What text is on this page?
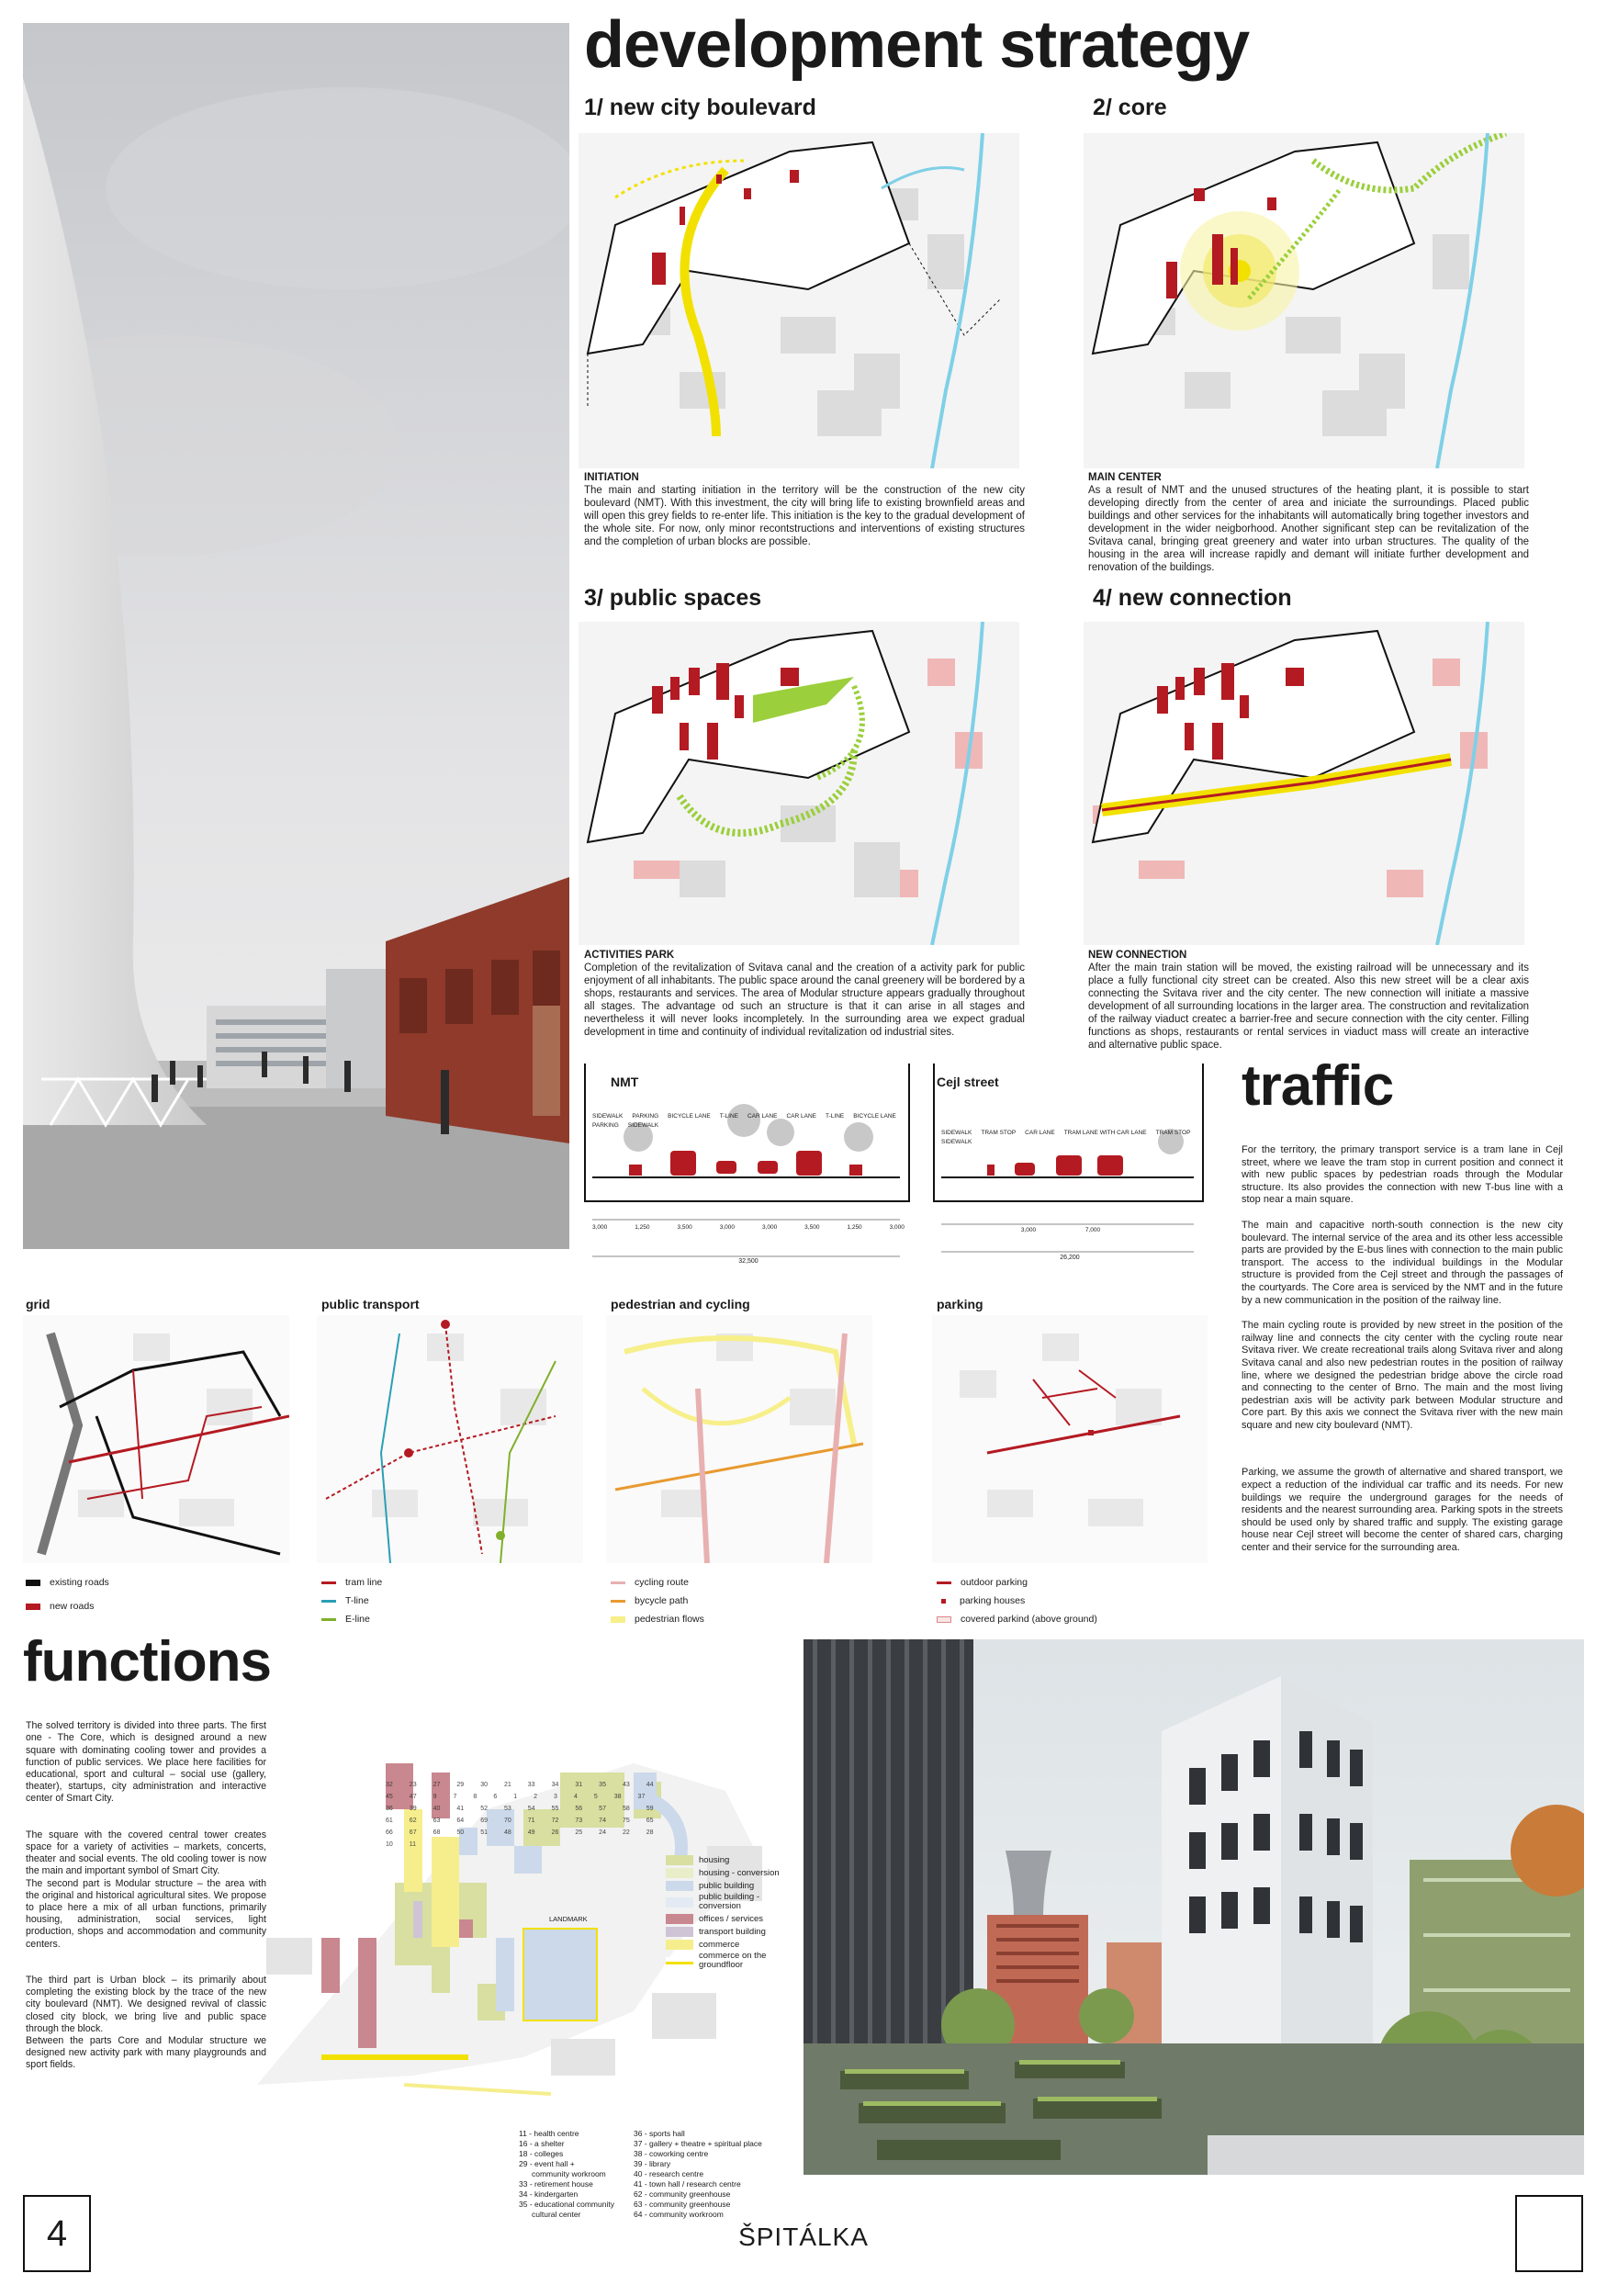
development strategy
1/ new city boulevard
INITIATION
The main and starting initiation in the territory will be the construction of the new city boulevard (NMT). With this investment, the city will bring life to existing brownfield areas and will open this grey fields to re-enter life. This initiation is the key to the gradual development of the whole site. For now, only minor recontstructions and interventions of existing structures and the completion of urban blocks are possible.
2/ core
MAIN CENTER
As a result of NMT and the unused structures of the heating plant, it is possible to start developing directly from the center of area and iniciate the surroundings. Placed public buildings and other services for the inhabitants will automatically bring together investors and development in the wider neigborhood. Another significant step can be revitalization of the Svitava canal, bringing great greenery and water into urban structures. The quality of the housing in the area will increase rapidly and demant will initiate further development and renovation of the buildings.
3/ public spaces
ACTIVITIES PARK
Completion of the revitalization of Svitava canal and the creation of a activity park for public enjoyment of all inhabitants. The public space around the canal greenery will be bordered by a shops, restaurants and services. The area of Modular structure appears gradually throughout all stages. The advantage od such an structure is that it can arise in all stages and nevertheless it will never looks incompletely. In the surrounding area we expect gradual development in time and continuity of individual revitalization od industrial sites.
4/ new connection
NEW CONNECTION
After the main train station will be moved, the existing railroad will be unnecessary and its place a fully functional city street can be created. Also this new street will be a clear axis connecting the Svitava river and the city center. The new connection will initiate a massive development of all surrounding locations in the larger area. The construction and revitalization of the railway viaduct createc a barrier-free and secure connection with the city center. Filling functions as shops, restaurants or rental services in viaduct mass will create an interactive and alternative public space.
NMT
SIDEWALK PARKING BICYCLE LANE T-LINE CAR LANE CAR LANE T-LINE BICYCLE LANE
PARKING SIDEWALK
3,000	1,250	3,500	3,000	3,000	3,500	1,250	3,000
32,500
Cejl street
SIDEWALK TRAM STOP CAR LANE TRAM LANE WITH CAR LANE TRAM STOP
SIDEWALK
3,000	7,000
26,200
traffic

For the territory, the primary transport service is a tram lane in Cejl street, where we leave the tram stop in current position and connect it with new public spaces by pedestrian roads through the Modular structure. Its also provides the connection with new T-bus line with a stop near a main square.

The main and capacitive north-south connection is the new city boulevard. The internal service of the area and its other less accessible parts are provided by the E-bus lines with connection to the main public transport. The access to the individual buildings in the Modular structure is provided from the Cejl street and through the passages of the courtyards. The Core area is serviced by the NMT and in the future by a new communication in the position of the railway line.

The main cycling route is provided by new street in the position of the railway line and connects the city center with the cycling route near Svitava river. We create recreational trails along Svitava river and along Svitava canal and also new pedestrian routes in the position of railway line, where we designed the pedestrian bridge above the circle road and connecting to the center of Brno. The main and the most living pedestrian axis will be activity park between Modular structure and Core part. By this axis we connect the Svitava river with the new main square and new city boulevard (NMT).

Parking, we assume the growth of alternative and shared transport, we expect a reduction of the individual car traffic and its needs. For new buildings we require the underground garages for the needs of residents and the nearest surrounding area. Parking spots in the streets should be used only by shared traffic and supply. The existing garage house near Cejl street will become the center of shared cars, charging center and their service for the surrounding area.

grid
existing roads
new roads
public transport
tram line
T-line
E-line
pedestrian and cycling
cycling route
bycycle path
pedestrian flows
parking
outdoor parking
parking houses
covered parkind (above ground)
functions

The solved territory is divided into three parts. The first one - The Core, which is designed around a new square with dominating cooling tower and provides a function of public services. We place here facilities for educational, sport and cultural – social use (gallery, theater), startups, city administration and interactive center of Smart City.

The square with the covered central tower creates space for a variety of activities – markets, concerts, theater and social events. The old cooling tower is now the main and important symbol of Smart City.
The second part is Modular structure – the area with the original and historical agricultural sites. We propose to place here a mix of all urban functions, primarily housing, administration, social services, light production, shops and accommodation and community centers.

The third part is Urban block – its primarily about completing the existing block by the trace of the new city boulevard (NMT). We designed revival of classic closed city block, we bring live and public space through the block.
Between the parts Core and Modular structure we designed new activity park with many playgrounds and sport fields.

LANDMARK
32	23	27	29	30	21	33	34	31	35	43	44
45	47	9	7	8	6	1	2	3	4	5	38	37
36	39	40	41	52	53	54	55	56	57	58	59
61	62	63	64	69	70	71	72	73	74	75	65
66	67	68	50	51	48	49	26	25	24	22	28
10	11
housing
housing - conversion
public building
public building - conversion
offices / services
transport building
commerce
commerce on the groundfloor
11 - health centre
16 - a shelter
18 - colleges
29 - event hall +
community workroom
33 - retirement house
34 - kindergarten
35 - educational community
cultural center
36 - sports hall
37 - gallery + theatre + spiritual place
38 - coworking centre
39 - library
40 - research centre
41 - town hall / research centre
62 - community greenhouse
63 - community greenhouse
64 - community workroom
4	ŠPITÁLKA
